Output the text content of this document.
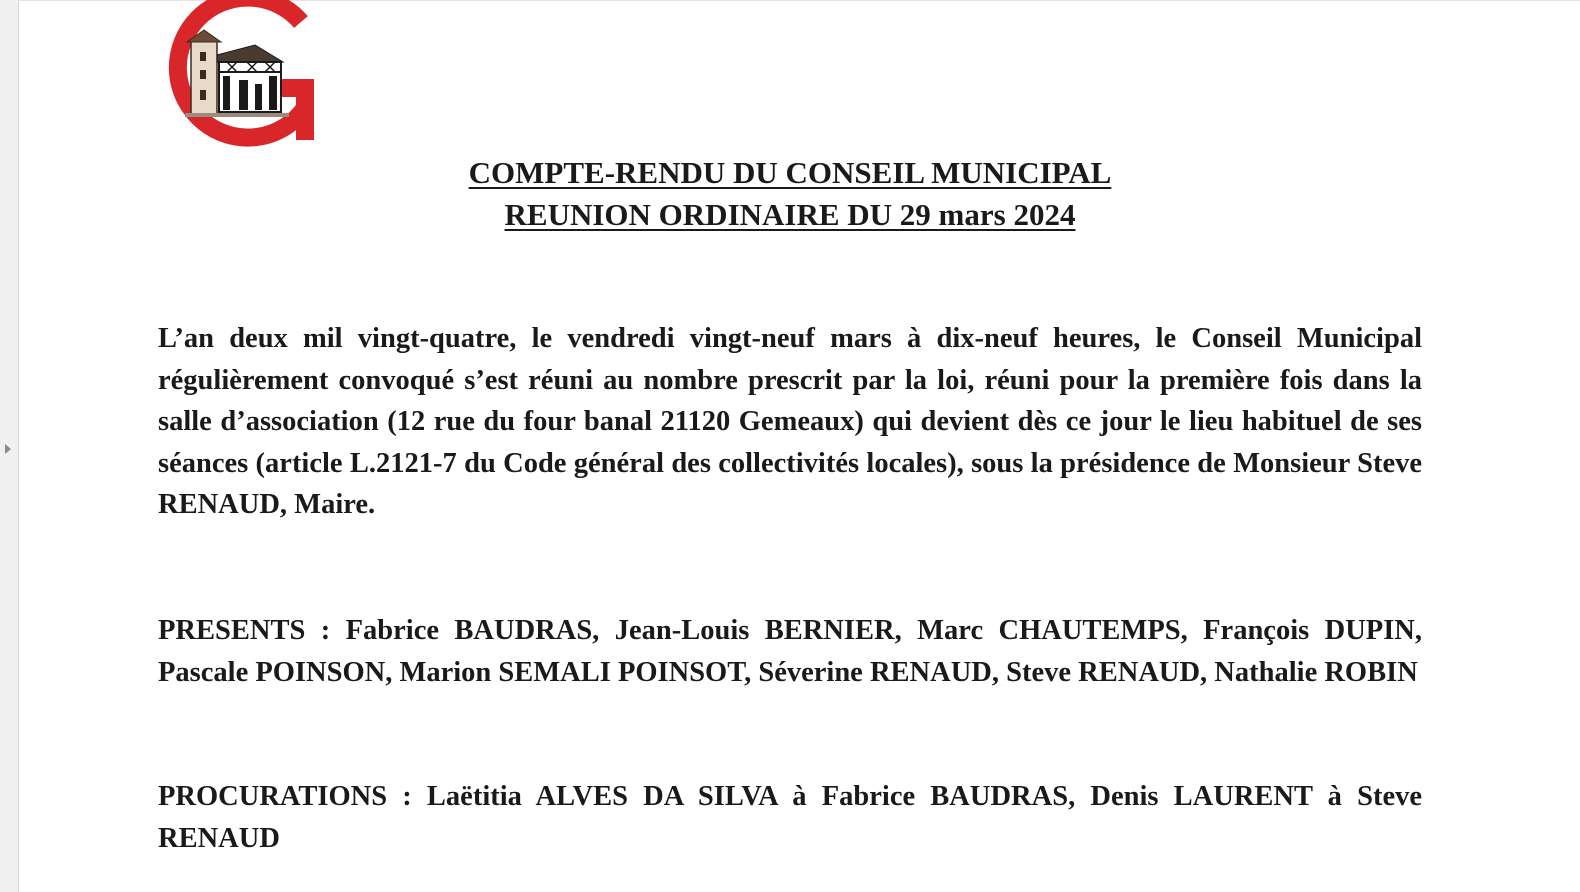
COMPTE-RENDU DU CONSEIL MUNICIPAL
REUNION ORDINAIRE DU 29 mars 2024

L’an deux mil vingt-quatre, le vendredi vingt-neuf mars à dix-neuf heures, le Conseil Municipal régulièrement convoqué s’est réuni au nombre prescrit par la loi, réuni pour la première fois dans la salle d’association (12 rue du four banal 21120 Gemeaux) qui devient dès ce jour le lieu habituel de ses séances (article L.2121-7 du Code général des collectivités locales), sous la présidence de Monsieur Steve RENAUD, Maire.

PRESENTS : Fabrice BAUDRAS, Jean-Louis BERNIER, Marc CHAUTEMPS, François DUPIN, Pascale POINSON, Marion SEMALI POINSOT, Séverine RENAUD, Steve RENAUD, Nathalie ROBIN

PROCURATIONS : Laëtitia ALVES DA SILVA à Fabrice BAUDRAS, Denis LAURENT à Steve RENAUD
